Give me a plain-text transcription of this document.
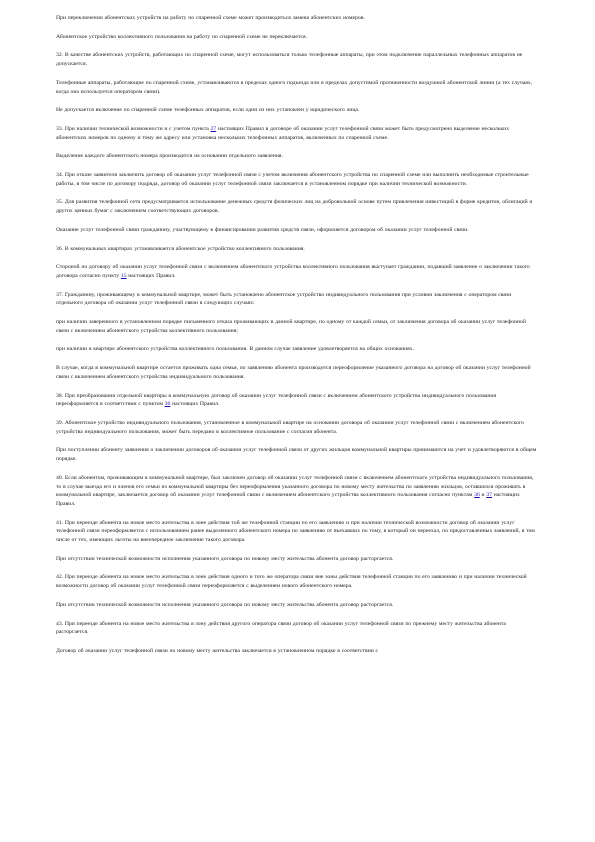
При переключении абонентских устройств на работу по спаренной схеме может производиться замена абонентских номеров.

Абонентское устройство коллективного пользования на работу по спаренной схеме не переключается.

32. В качестве абонентских устройств, работающих по спаренной схеме, могут использоваться только телефонные аппараты, при этом подключение параллельных телефонных аппаратов не допускается.

Телефонные аппараты, работающие по спаренной схеме, устанавливаются в пределах одного подъезда или в пределах допустимой протяженности воздушной абонентской линии (а тех случаях, когда она используется оператором связи).

Не допускается включение по спаренной схеме телефонных аппаратов, если один из них установлен у юридического лица.

33. При наличии технической возможности и с учетом пункта 27 настоящих Правил в договоре об оказании услуг телефонной связи может быть предусмотрено выделение нескольких абонентских номеров по одному и тому же адресу или установка нескольких телефонных аппаратов, включенных по спаренной схеме.

Выделение каждого абонентского номера производится на основании отдельного заявления.

34. При отказе заявителя заключить договор об оказании услуг телефонной связи с учетом включения абонентского устройства по спаренной схеме или выполнить необходимые строительные работы, в том числе по договору подряда, договор об оказании услуг телефонной связи заключается в установленном порядке при наличии технической возможности.

35. Для развития телефонной сети предусматривается использование денежных средств физических лиц на добровольной основе путем привлечения инвестиций в форме кредитов, облигаций и других ценных бумаг с заключением соответствующих договоров.

Оказание услуг телефонной связи гражданину, участвующему в финансировании развития средств связи, оформляется договором об оказании услуг телефонной связи.

36. В коммунальных квартирах устанавливается абонентское устройство коллективного пользования.

Стороной по договору об оказании услуг телефонной связи с включением абонентского устройства коллективного пользования выступает гражданин, подавший заявление о заключении такого договора согласно пункту 15 настоящих Правил.

37. Гражданину, проживающему в коммунальной квартире, может быть установлено абонентское устройство индивидуального пользования при условии заключения с оператором связи отдельного договора об оказании услуг телефонной связи в следующих случаях:

при наличии заверенного в установленном порядке письменного отказа проживающих в данной квартире, по одному от каждой семьи, от заключения договора об оказании услуг телефонной связи с включением абонентского устройства коллективного пользования;

при наличии в квартире абонентского устройства коллективного пользования. В данном случае заявление удовлетворяется на общих основаниях.

В случае, когда в коммунальной квартире остается проживать одна семья, по заявлению абонента производится переоформление указанного договора на договор об оказании услуг телефонной связи с включением абонентского устройства индивидуального пользования.

38. При преобразовании отдельной квартиры в коммунальную договор об оказании услуг телефонной связи с включением абонентского устройства индивидуального пользования переоформляется в соответствии с пунктом 36 настоящих Правил.

39. Абонентское устройство индивидуального пользования, установленное в коммунальной квартире на основании договора об оказании услуг телефонной связи с включением абонентского устройства индивидуального пользования, может быть передано в коллективное пользование с согласия абонента.

При поступлении абоненту заявления о заключении договоров об оказании услуг телефонной связи от других жильцов коммунальной квартиры принимаются на учет и удовлетворяются в общем порядке.

40. Если абонентом, проживающим в коммунальной квартире, был заключен договор об оказании услуг телефонной связи с включением абонентского устройства индивидуального пользования, то в случае выезда его и членов его семьи из коммунальной квартиры без переоформления указанного договора по новому месту жительства по заявлению жильцов, оставшихся проживать в коммунальной квартире, заключается договор об оказании услуг телефонной связи с включением абонентского устройства коллективного пользования согласно пунктам 36 и 37 настоящих Правил.

41. При переезде абонента на новое место жительства в зоне действия той же телефонной станции по его заявлению и при наличии технической возможности договор об оказании услуг телефонной связи переоформляется с использованием ранее выделенного абонентского номера по заявлению от въехавших по тому, в который он переехал, по предоставленных заявлений, в том числе от тех, имеющих льготы на внеочередное заключение такого договора.

При отсутствии технической возможности исполнения указанного договора по новому месту жительства абонента договор расторгается.

42. При переезде абонента на новое место жительства в зоне действия одного и того же оператора связи вне зоны действия телефонной станции по его заявлению и при наличии технической возможности договор об оказании услуг телефонной связи переоформляется с выделением нового абонентского номера.

При отсутствии технической возможности исполнения указанного договора по новому месту жительства абонента договор расторгается.

43. При переезде абонента на новое место жительства в зону действия другого оператора связи договор об оказании услуг телефонной связи по прежнему месту жительства абонента расторгается.

Договор об оказании услуг телефонной связи по новому месту жительства заключается в установленном порядке в соответствии с
